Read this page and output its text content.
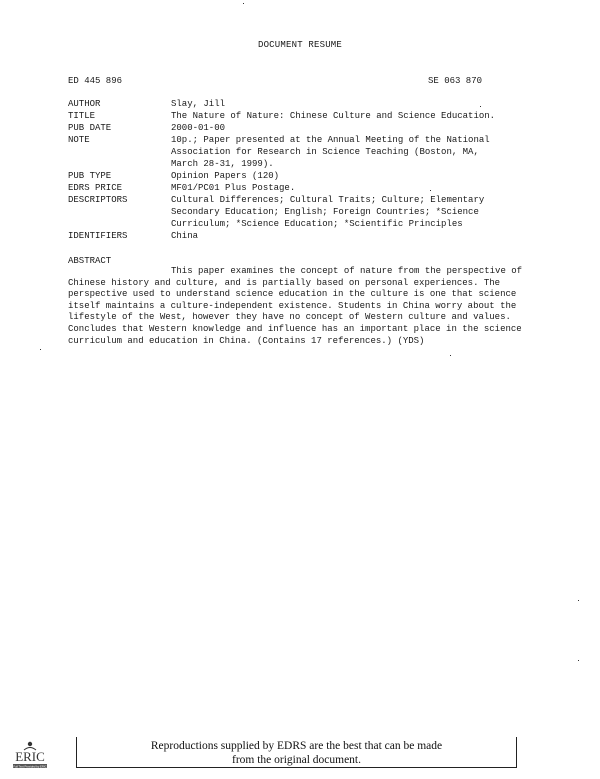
DOCUMENT RESUME
ED 445 896	SE 063 870
AUTHOR	Slay, Jill
TITLE	The Nature of Nature: Chinese Culture and Science Education.
PUB DATE	2000-01-00
NOTE	10p.; Paper presented at the Annual Meeting of the National
Association for Research in Science Teaching (Boston, MA,
March 28-31, 1999).
PUB TYPE	Opinion Papers (120)
EDRS PRICE	MF01/PC01 Plus Postage.
DESCRIPTORS	Cultural Differences; Cultural Traits; Culture; Elementary
Secondary Education; English; Foreign Countries; *Science
Curriculum; *Science Education; *Scientific Principles
IDENTIFIERS	China
ABSTRACT
This paper examines the concept of nature from the perspective of Chinese history and culture, and is partially based on personal experiences. The perspective used to understand science education in the culture is one that science itself maintains a culture-independent existence. Students in China worry about the lifestyle of the West, however they have no concept of Western culture and values. Concludes that Western knowledge and influence has an important place in the science curriculum and education in China. (Contains 17 references.) (YDS)
ERIC
Full Text Provided by ERIC
Reproductions supplied by EDRS are the best that can be made
from the original document.
